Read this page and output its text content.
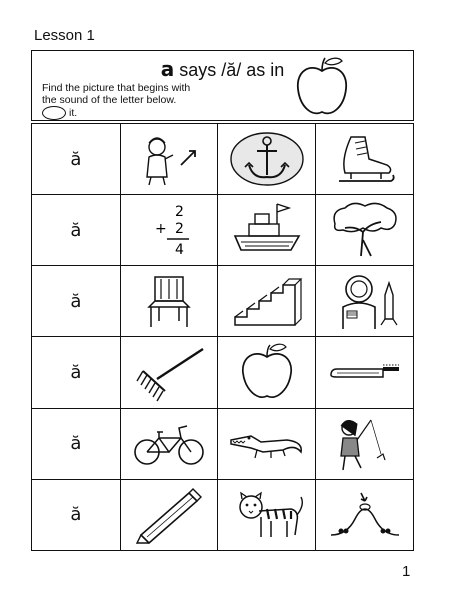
Lesson 1
a says /ă/ as in
Find the picture that begins with
the sound of the letter below.
it.
ă	

ă	2
+ 2
4

ă	

ă	

ă	

ă	

1
